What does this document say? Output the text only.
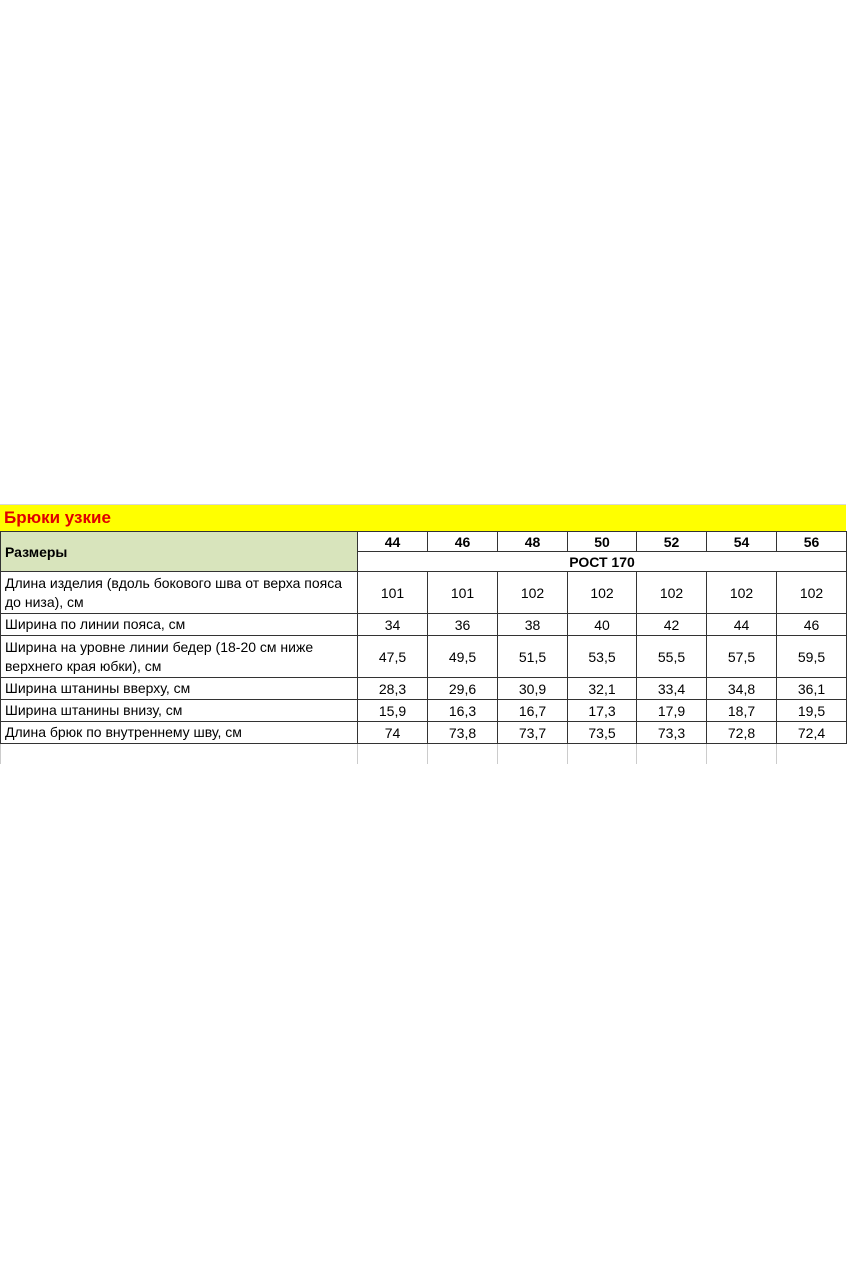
Брюки узкие
Размеры	44	46	48	50	52	54	56
	РОСТ 170						
Длина изделия (вдоль бокового шва от верха пояса до низа), см	101	101	102	102	102	102	102
Ширина по линии пояса, см	34	36	38	40	42	44	46
Ширина на уровне линии бедер (18-20 см ниже верхнего края юбки), см	47,5	49,5	51,5	53,5	55,5	57,5	59,5
Ширина штанины вверху, см	28,3	29,6	30,9	32,1	33,4	34,8	36,1
Ширина штанины внизу, см	15,9	16,3	16,7	17,3	17,9	18,7	19,5
Длина брюк по внутреннему шву, см	74	73,8	73,7	73,5	73,3	72,8	72,4
